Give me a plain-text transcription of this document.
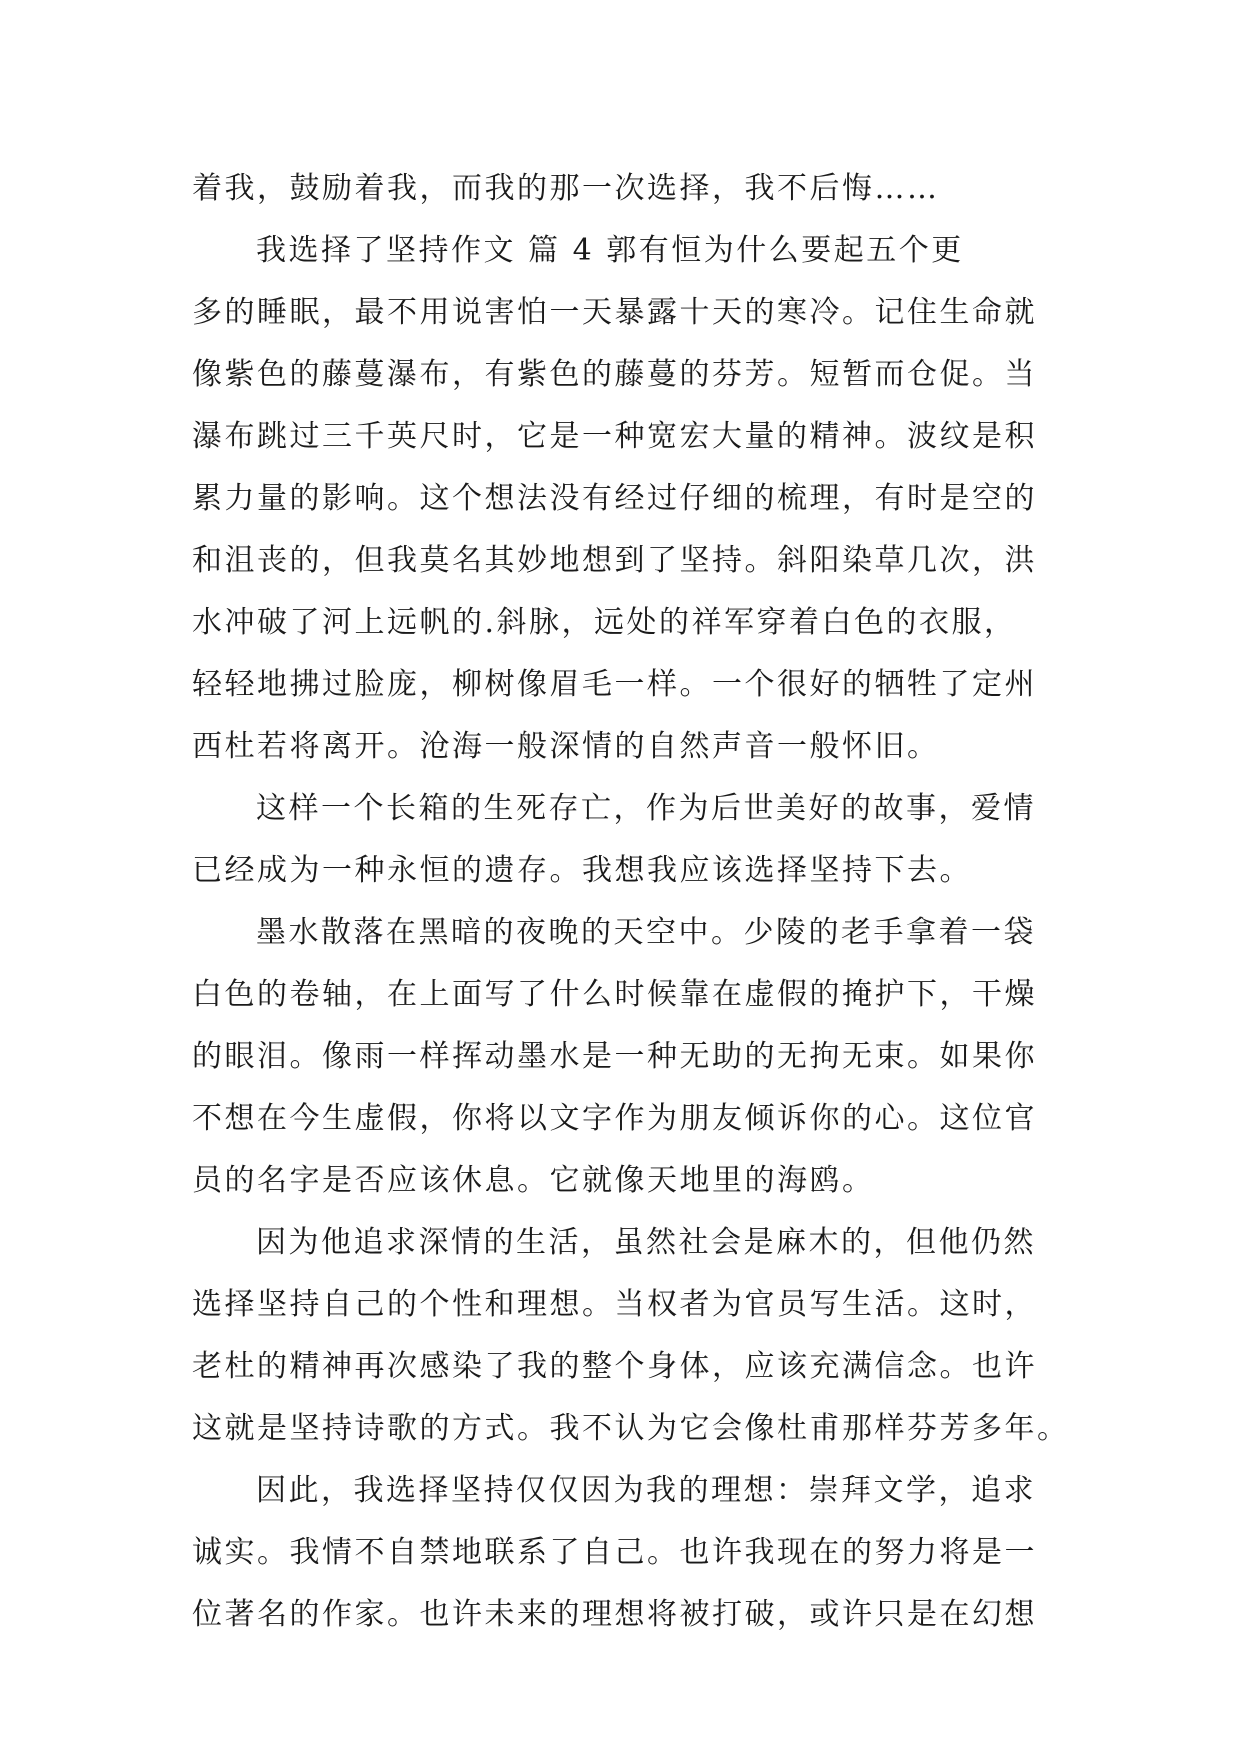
着我，鼓励着我，而我的那一次选择，我不后悔……
我选择了坚持作文 篇 4 郭有恒为什么要起五个更
多的睡眠，最不用说害怕一天暴露十天的寒冷。记住生命就
像紫色的藤蔓瀑布，有紫色的藤蔓的芬芳。短暂而仓促。当
瀑布跳过三千英尺时，它是一种宽宏大量的精神。波纹是积
累力量的影响。这个想法没有经过仔细的梳理，有时是空的
和沮丧的，但我莫名其妙地想到了坚持。斜阳染草几次，洪
水冲破了河上远帆的.斜脉，远处的祥军穿着白色的衣服，
轻轻地拂过脸庞，柳树像眉毛一样。一个很好的牺牲了定州
西杜若将离开。沧海一般深情的自然声音一般怀旧。
这样一个长箱的生死存亡，作为后世美好的故事，爱情
已经成为一种永恒的遗存。我想我应该选择坚持下去。
墨水散落在黑暗的夜晚的天空中。少陵的老手拿着一袋
白色的卷轴，在上面写了什么时候靠在虚假的掩护下，干燥
的眼泪。像雨一样挥动墨水是一种无助的无拘无束。如果你
不想在今生虚假，你将以文字作为朋友倾诉你的心。这位官
员的名字是否应该休息。它就像天地里的海鸥。
因为他追求深情的生活，虽然社会是麻木的，但他仍然
选择坚持自己的个性和理想。当权者为官员写生活。这时，
老杜的精神再次感染了我的整个身体，应该充满信念。也许
这就是坚持诗歌的方式。我不认为它会像杜甫那样芬芳多年。
因此，我选择坚持仅仅因为我的理想：崇拜文学，追求
诚实。我情不自禁地联系了自己。也许我现在的努力将是一
位著名的作家。也许未来的理想将被打破，或许只是在幻想
